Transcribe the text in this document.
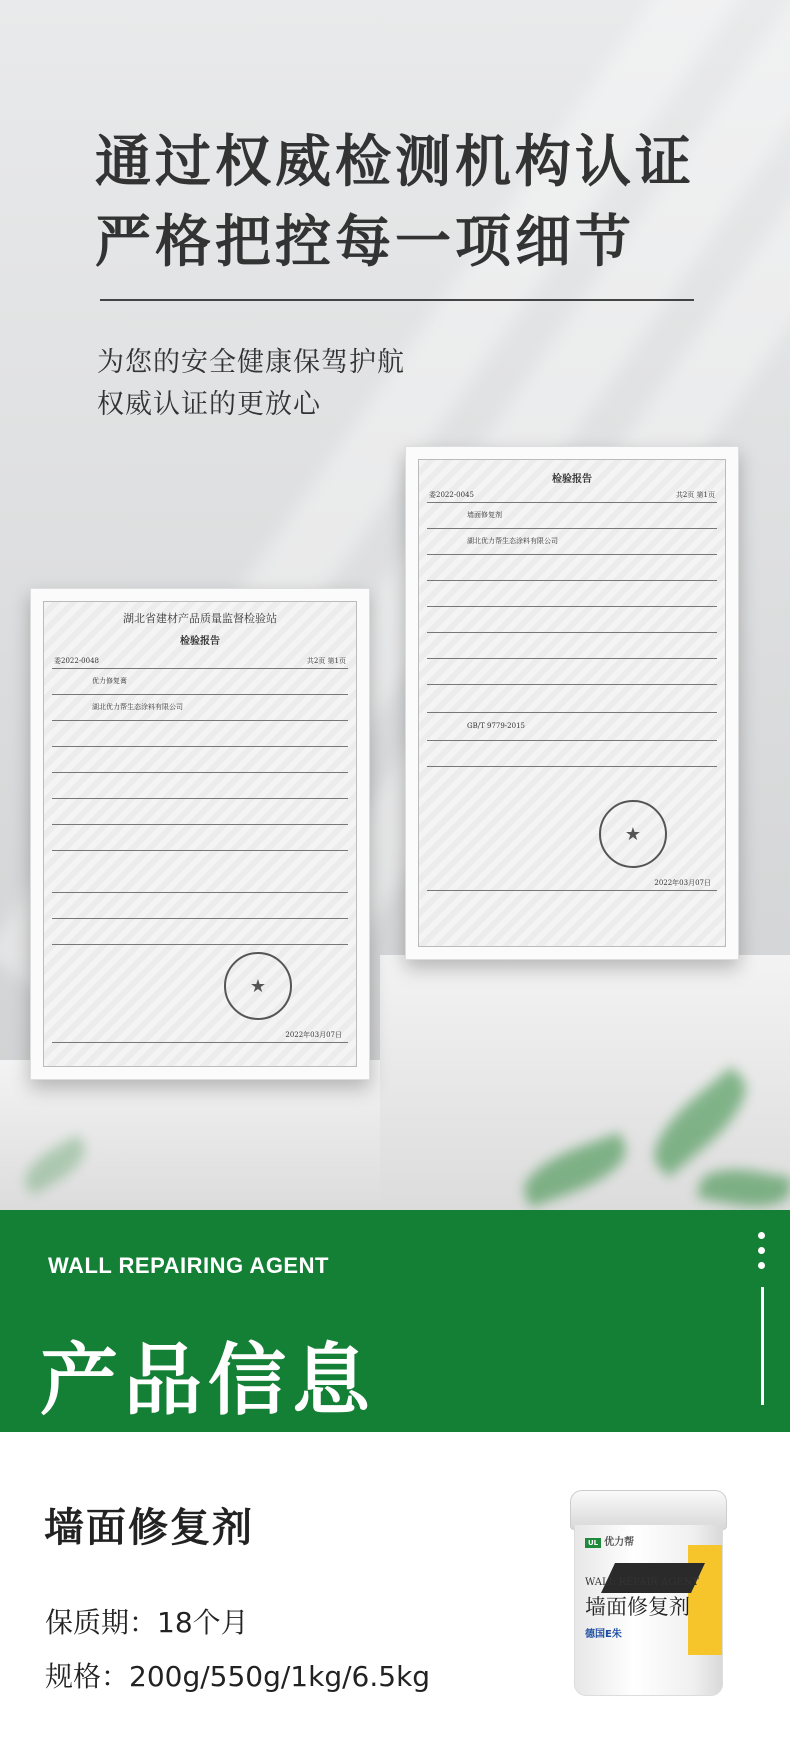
通过权威检测机构认证
严格把控每一项细节
为您的安全健康保驾护航
权威认证的更放心
湖北省建材产品质量监督检验站
检验报告
委2022-0048	共2页 第1页
优力修复膏
湖北优力帮生态涂料有限公司
★
2022年03月07日
检验报告
委2022-0045	共2页 第1页
墙面修复剂
湖北优力帮生态涂料有限公司
GB/T 9779-2015
★
2022年03月07日
WALL REPAIRING AGENT
产品信息
墙面修复剂
保质期：18个月
规格：200g/550g/1kg/6.5kg
UL 优力帮
WALL REPAIR AGENT
墙面修复剂
德国E朱
